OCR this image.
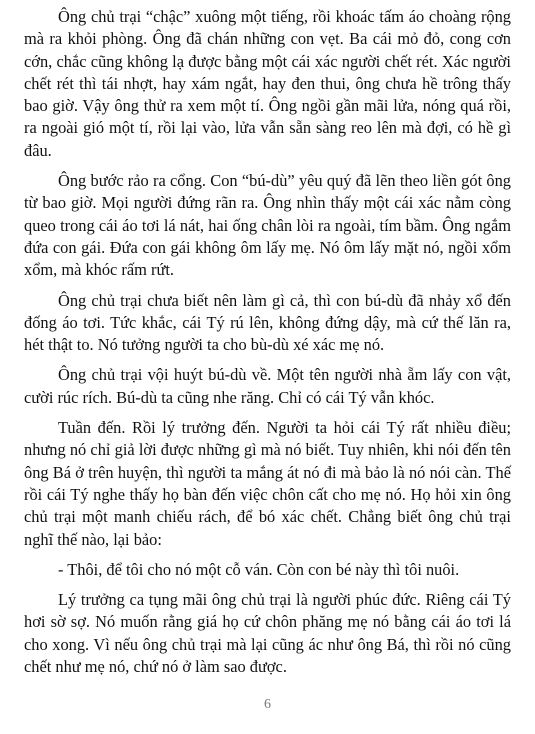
Ông chủ trại “chậc” xuông một tiếng, rồi khoác tấm áo choàng rộng mà ra khỏi phòng. Ông đã chán những con vẹt. Ba cái mỏ đỏ, cong cơn cớn, chắc cũng không lạ được bằng một cái xác người chết rét. Xác người chết rét thì tái nhợt, hay xám ngắt, hay đen thui, ông chưa hề trông thấy bao giờ. Vậy ông thử ra xem một tí. Ông ngồi gần mãi lửa, nóng quá rồi, ra ngoài gió một tí, rồi lại vào, lửa vẫn sẵn sàng reo lên mà đợi, có hề gì đâu.

Ông bước rảo ra cổng. Con “bú-dù” yêu quý đã lẽn theo liền gót ông từ bao giờ. Mọi người đứng rãn ra. Ông nhìn thấy một cái xác nằm còng queo trong cái áo tơi lá nát, hai ống chân lòi ra ngoài, tím bầm. Ông ngắm đứa con gái. Đứa con gái không ôm lấy mẹ. Nó ôm lấy mặt nó, ngồi xổm xổm, mà khóc rấm rứt.

Ông chủ trại chưa biết nên làm gì cả, thì con bú-dù đã nhảy xổ đến đống áo tơi. Tức khắc, cái Tý rú lên, không đứng dậy, mà cứ thế lăn ra, hét thật to. Nó tưởng người ta cho bù-dù xé xác mẹ nó.

Ông chủ trại vội huýt bú-dù về. Một tên người nhà ẵm lấy con vật, cười rúc rích. Bú-dù ta cũng nhe răng. Chỉ có cái Tý vẫn khóc.

Tuần đến. Rồi lý trưởng đến. Người ta hỏi cái Tý rất nhiều điều; nhưng nó chỉ giả lời được những gì mà nó biết. Tuy nhiên, khi nói đến tên ông Bá ở trên huyện, thì người ta mắng át nó đi mà bảo là nó nói càn. Thế rồi cái Tý nghe thấy họ bàn đến việc chôn cất cho mẹ nó. Họ hỏi xin ông chủ trại một manh chiếu rách, để bó xác chết. Chẳng biết ông chủ trại nghĩ thế nào, lại bảo:

- Thôi, để tôi cho nó một cỗ ván. Còn con bé này thì tôi nuôi.

Lý trưởng ca tụng mãi ông chủ trại là người phúc đức. Riêng cái Tý hơi sờ sợ. Nó muốn rằng giá họ cứ chôn phăng mẹ nó bằng cái áo tơi lá cho xong. Vì nếu ông chủ trại mà lại cũng ác như ông Bá, thì rồi nó cũng chết như mẹ nó, chứ nó ở làm sao được.

6
